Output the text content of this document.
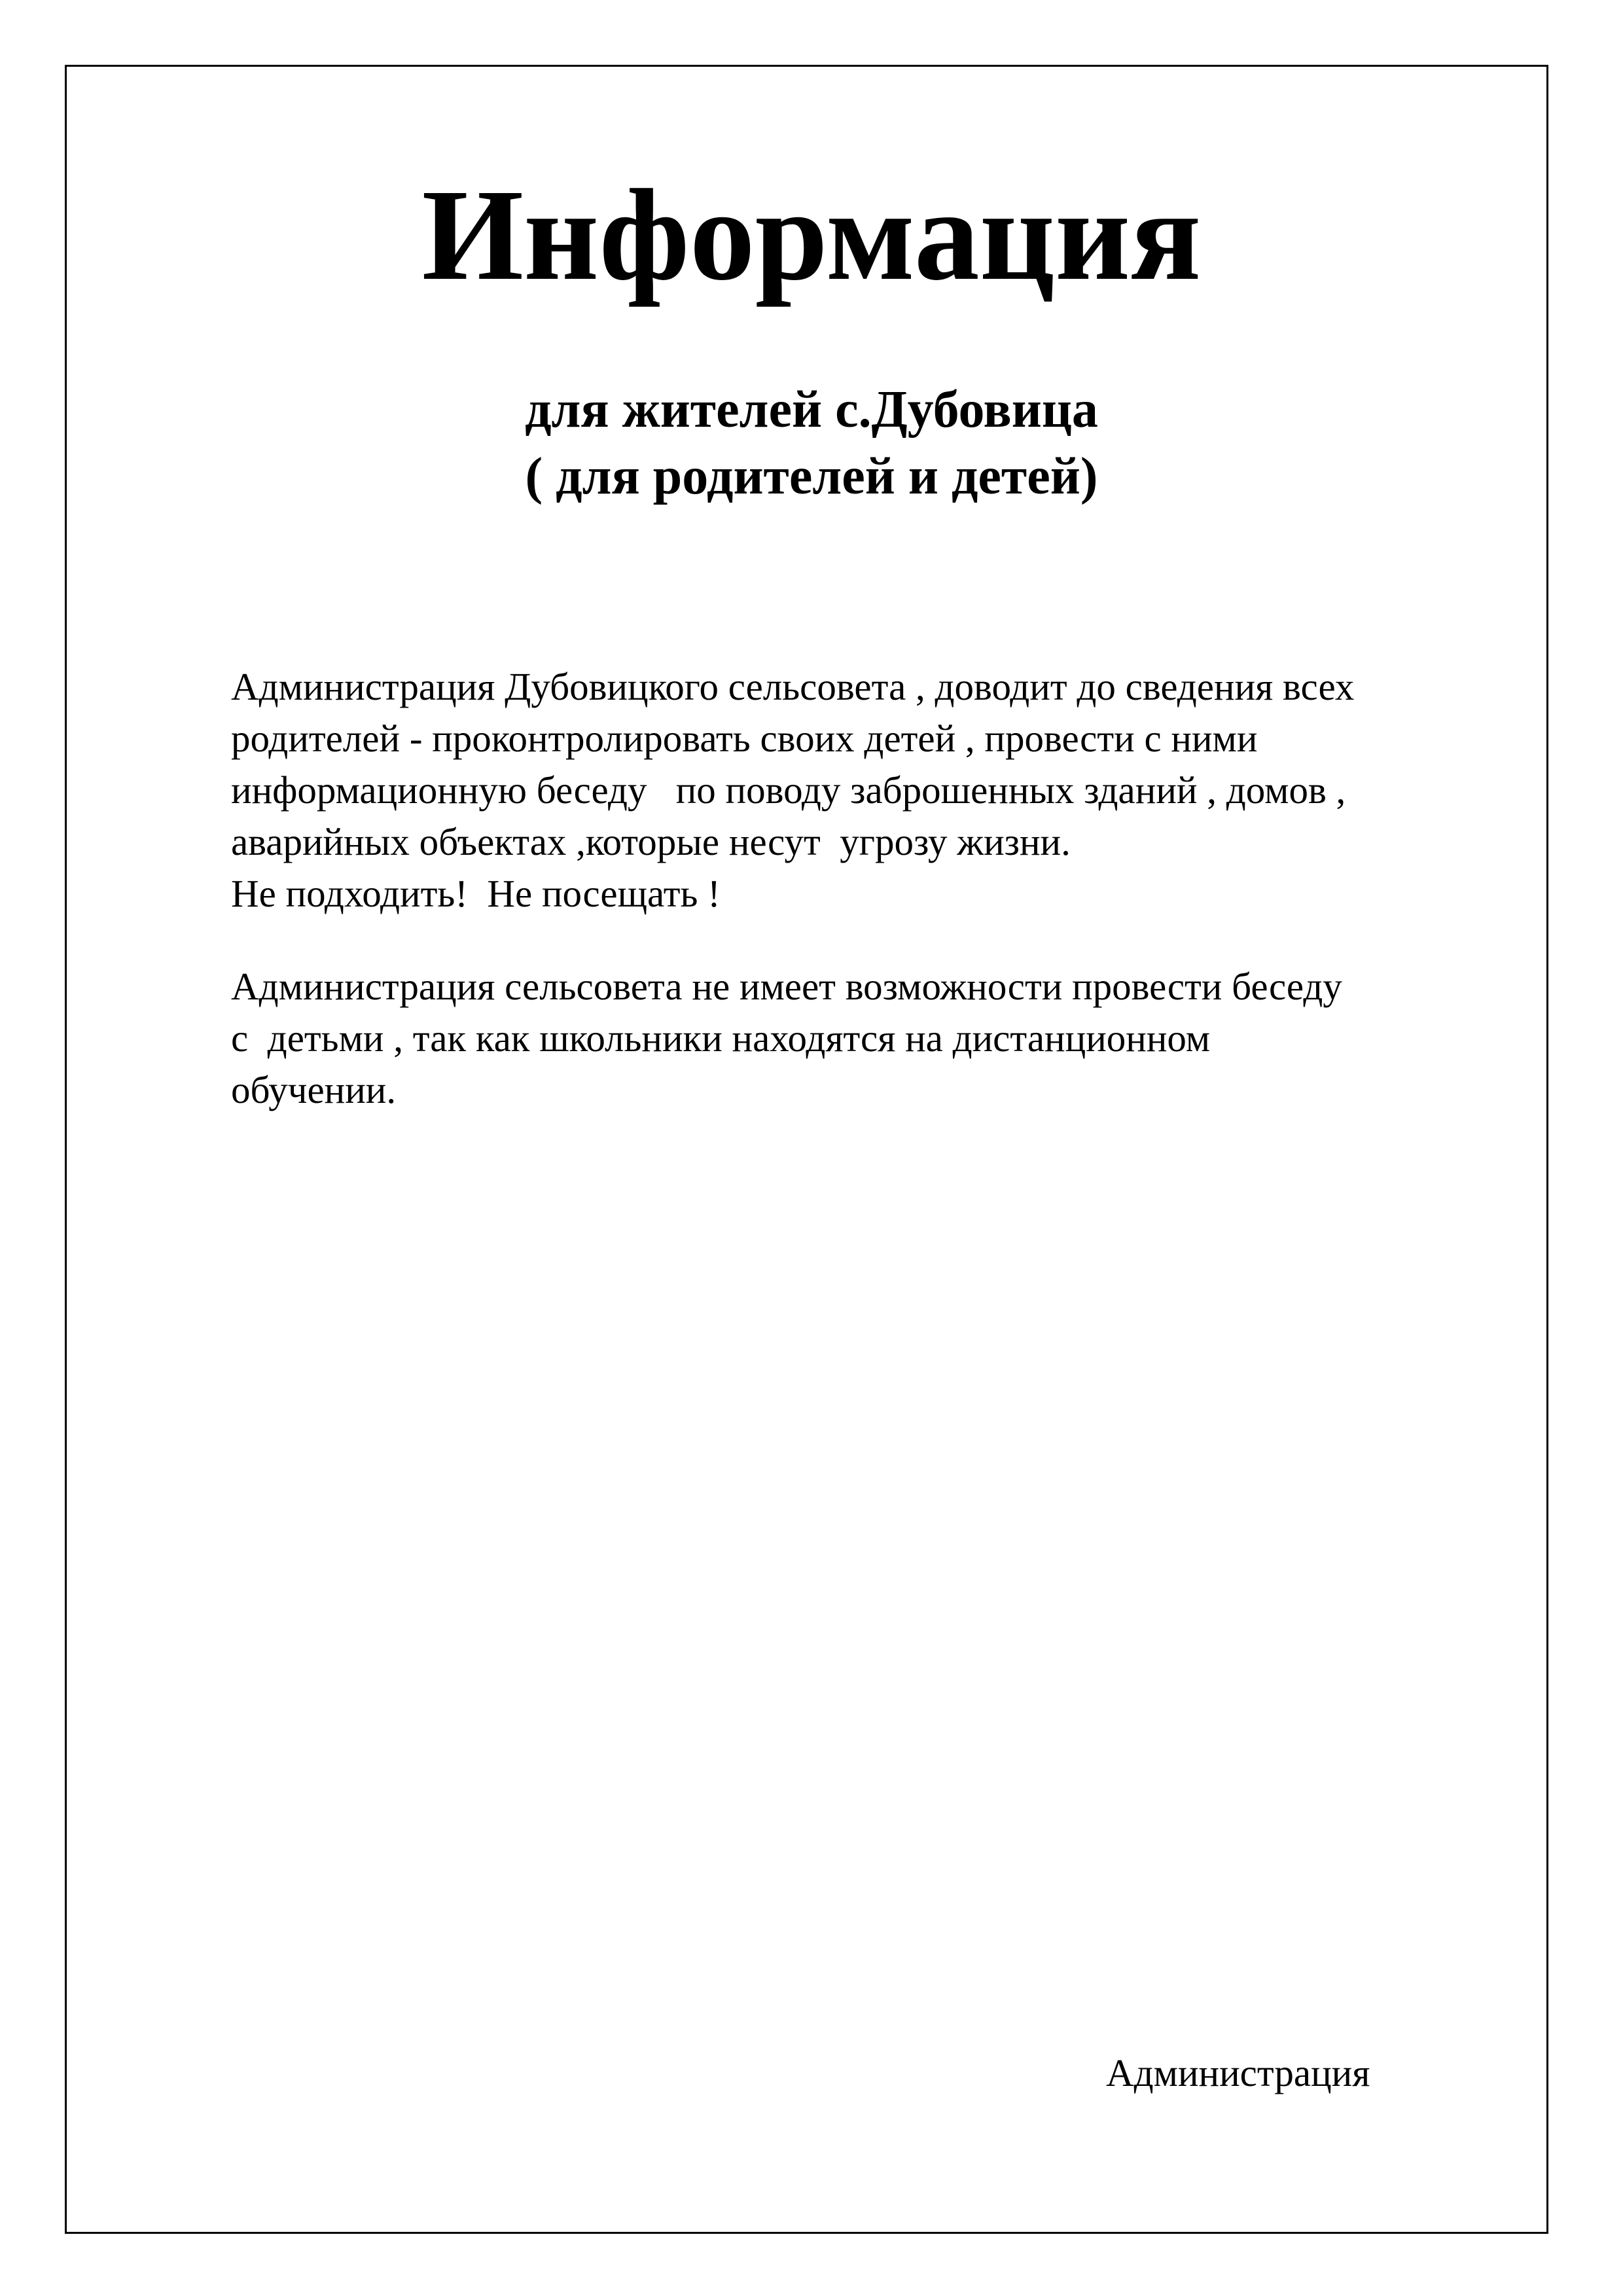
Информация

для жителей с.Дубовица

( для родителей и детей)

Администрация Дубовицкого сельсовета , доводит до сведения всех

родителей - проконтролировать своих детей , провести с ними

информационную беседу   по поводу заброшенных зданий , домов ,

аварийных объектах ,которые несут  угрозу жизни.

Не подходить!  Не посещать !

Администрация сельсовета не имеет возможности провести беседу

с  детьми , так как школьники находятся на дистанционном

обучении.

Администрация
